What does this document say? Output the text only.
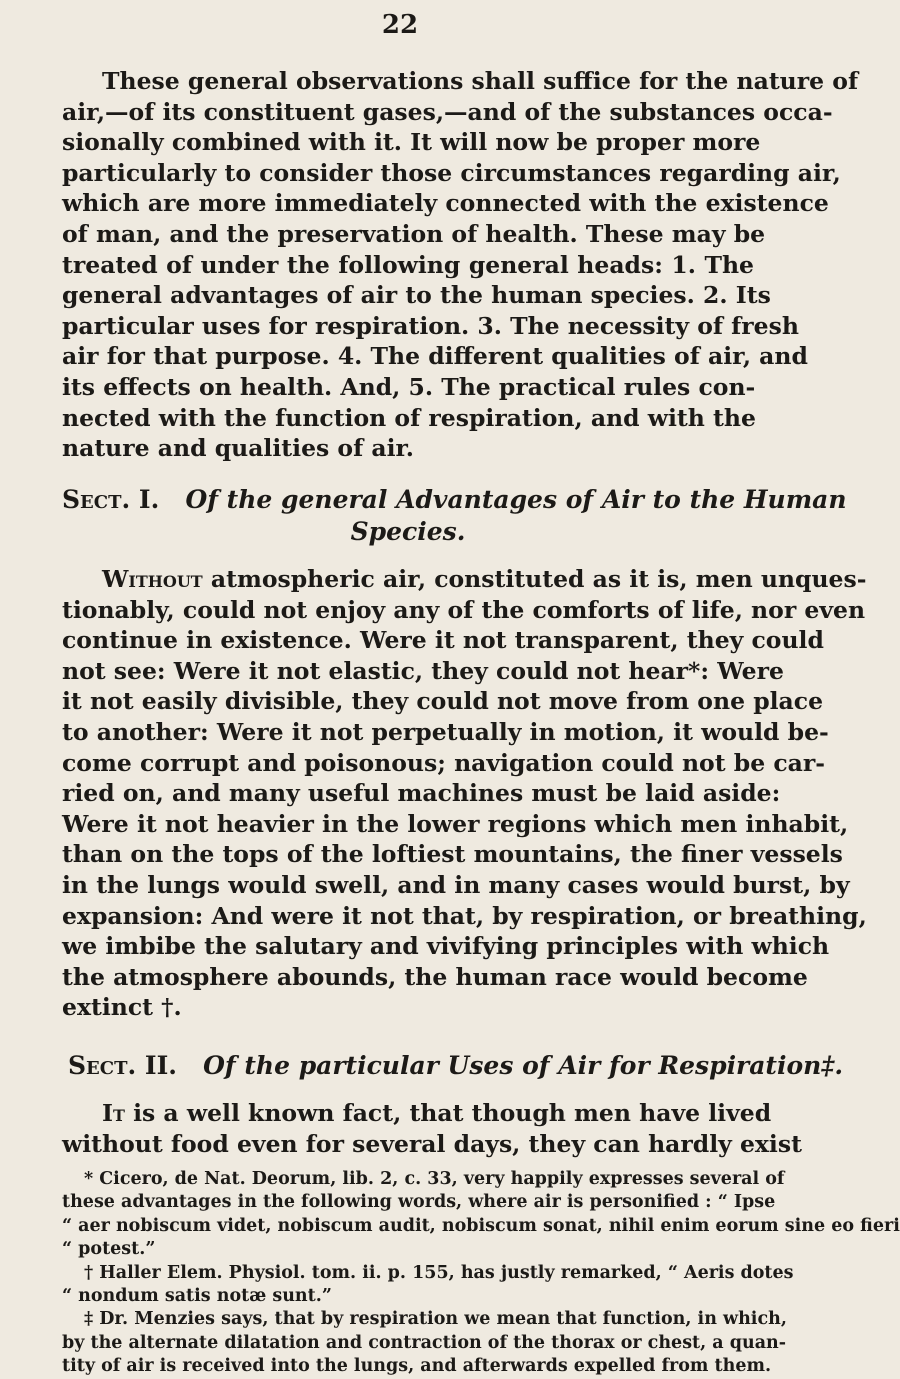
22
These general observations shall suffice for the nature of
air,—of its constituent gases,—and of the substances occa-
sionally combined with it. It will now be proper more
particularly to consider those circumstances regarding air,
which are more immediately connected with the existence
of man, and the preservation of health. These may be
treated of under the following general heads: 1. The
general advantages of air to the human species. 2. Its
particular uses for respiration. 3. The necessity of fresh
air for that purpose. 4. The different qualities of air, and
its effects on health. And, 5. The practical rules con-
nected with the function of respiration, and with the
nature and qualities of air.
Sect. I. Of the general Advantages of Air to the Human
Species.
Without atmospheric air, constituted as it is, men unques-
tionably, could not enjoy any of the comforts of life, nor even
continue in existence. Were it not transparent, they could
not see: Were it not elastic, they could not hear*: Were
it not easily divisible, they could not move from one place
to another: Were it not perpetually in motion, it would be-
come corrupt and poisonous; navigation could not be car-
ried on, and many useful machines must be laid aside:
Were it not heavier in the lower regions which men inhabit,
than on the tops of the loftiest mountains, the finer vessels
in the lungs would swell, and in many cases would burst, by
expansion: And were it not that, by respiration, or breathing,
we imbibe the salutary and vivifying principles with which
the atmosphere abounds, the human race would become
extinct †.
Sect. II. Of the particular Uses of Air for Respiration‡.
It is a well known fact, that though men have lived
without food even for several days, they can hardly exist
* Cicero, de Nat. Deorum, lib. 2, c. 33, very happily expresses several of
these advantages in the following words, where air is personified : “ Ipse
“ aer nobiscum videt, nobiscum audit, nobiscum sonat, nihil enim eorum sine eo fieri
“ potest.”
† Haller Elem. Physiol. tom. ii. p. 155, has justly remarked, “ Aeris dotes
“ nondum satis notæ sunt.”
‡ Dr. Menzies says, that by respiration we mean that function, in which,
by the alternate dilatation and contraction of the thorax or chest, a quan-
tity of air is received into the lungs, and afterwards expelled from them.
